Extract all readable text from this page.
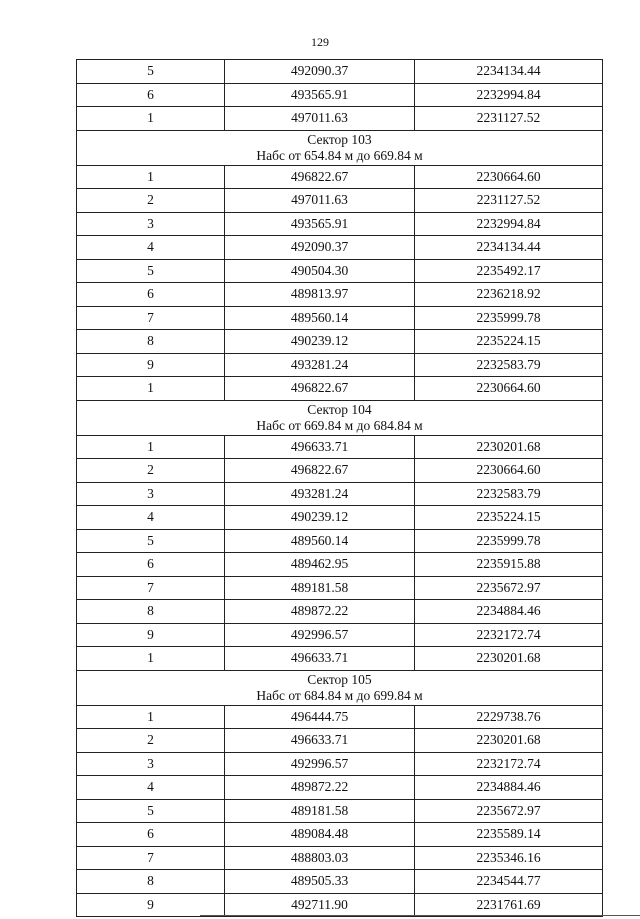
129
5	492090.37	2234134.44
6	493565.91	2232994.84
1	497011.63	2231127.52

Сектор 103
Набс от 654.84 м до 669.84 м		

1	496822.67	2230664.60
2	497011.63	2231127.52
3	493565.91	2232994.84
4	492090.37	2234134.44
5	490504.30	2235492.17
6	489813.97	2236218.92
7	489560.14	2235999.78
8	490239.12	2235224.15
9	493281.24	2232583.79
1	496822.67	2230664.60

Сектор 104
Набс от 669.84 м до 684.84 м		

1	496633.71	2230201.68
2	496822.67	2230664.60
3	493281.24	2232583.79
4	490239.12	2235224.15
5	489560.14	2235999.78
6	489462.95	2235915.88
7	489181.58	2235672.97
8	489872.22	2234884.46
9	492996.57	2232172.74
1	496633.71	2230201.68

Сектор 105
Набс от 684.84 м до 699.84 м		

1	496444.75	2229738.76
2	496633.71	2230201.68
3	492996.57	2232172.74
4	489872.22	2234884.46
5	489181.58	2235672.97
6	489084.48	2235589.14
7	488803.03	2235346.16
8	489505.33	2234544.77
9	492711.90	2231761.69
